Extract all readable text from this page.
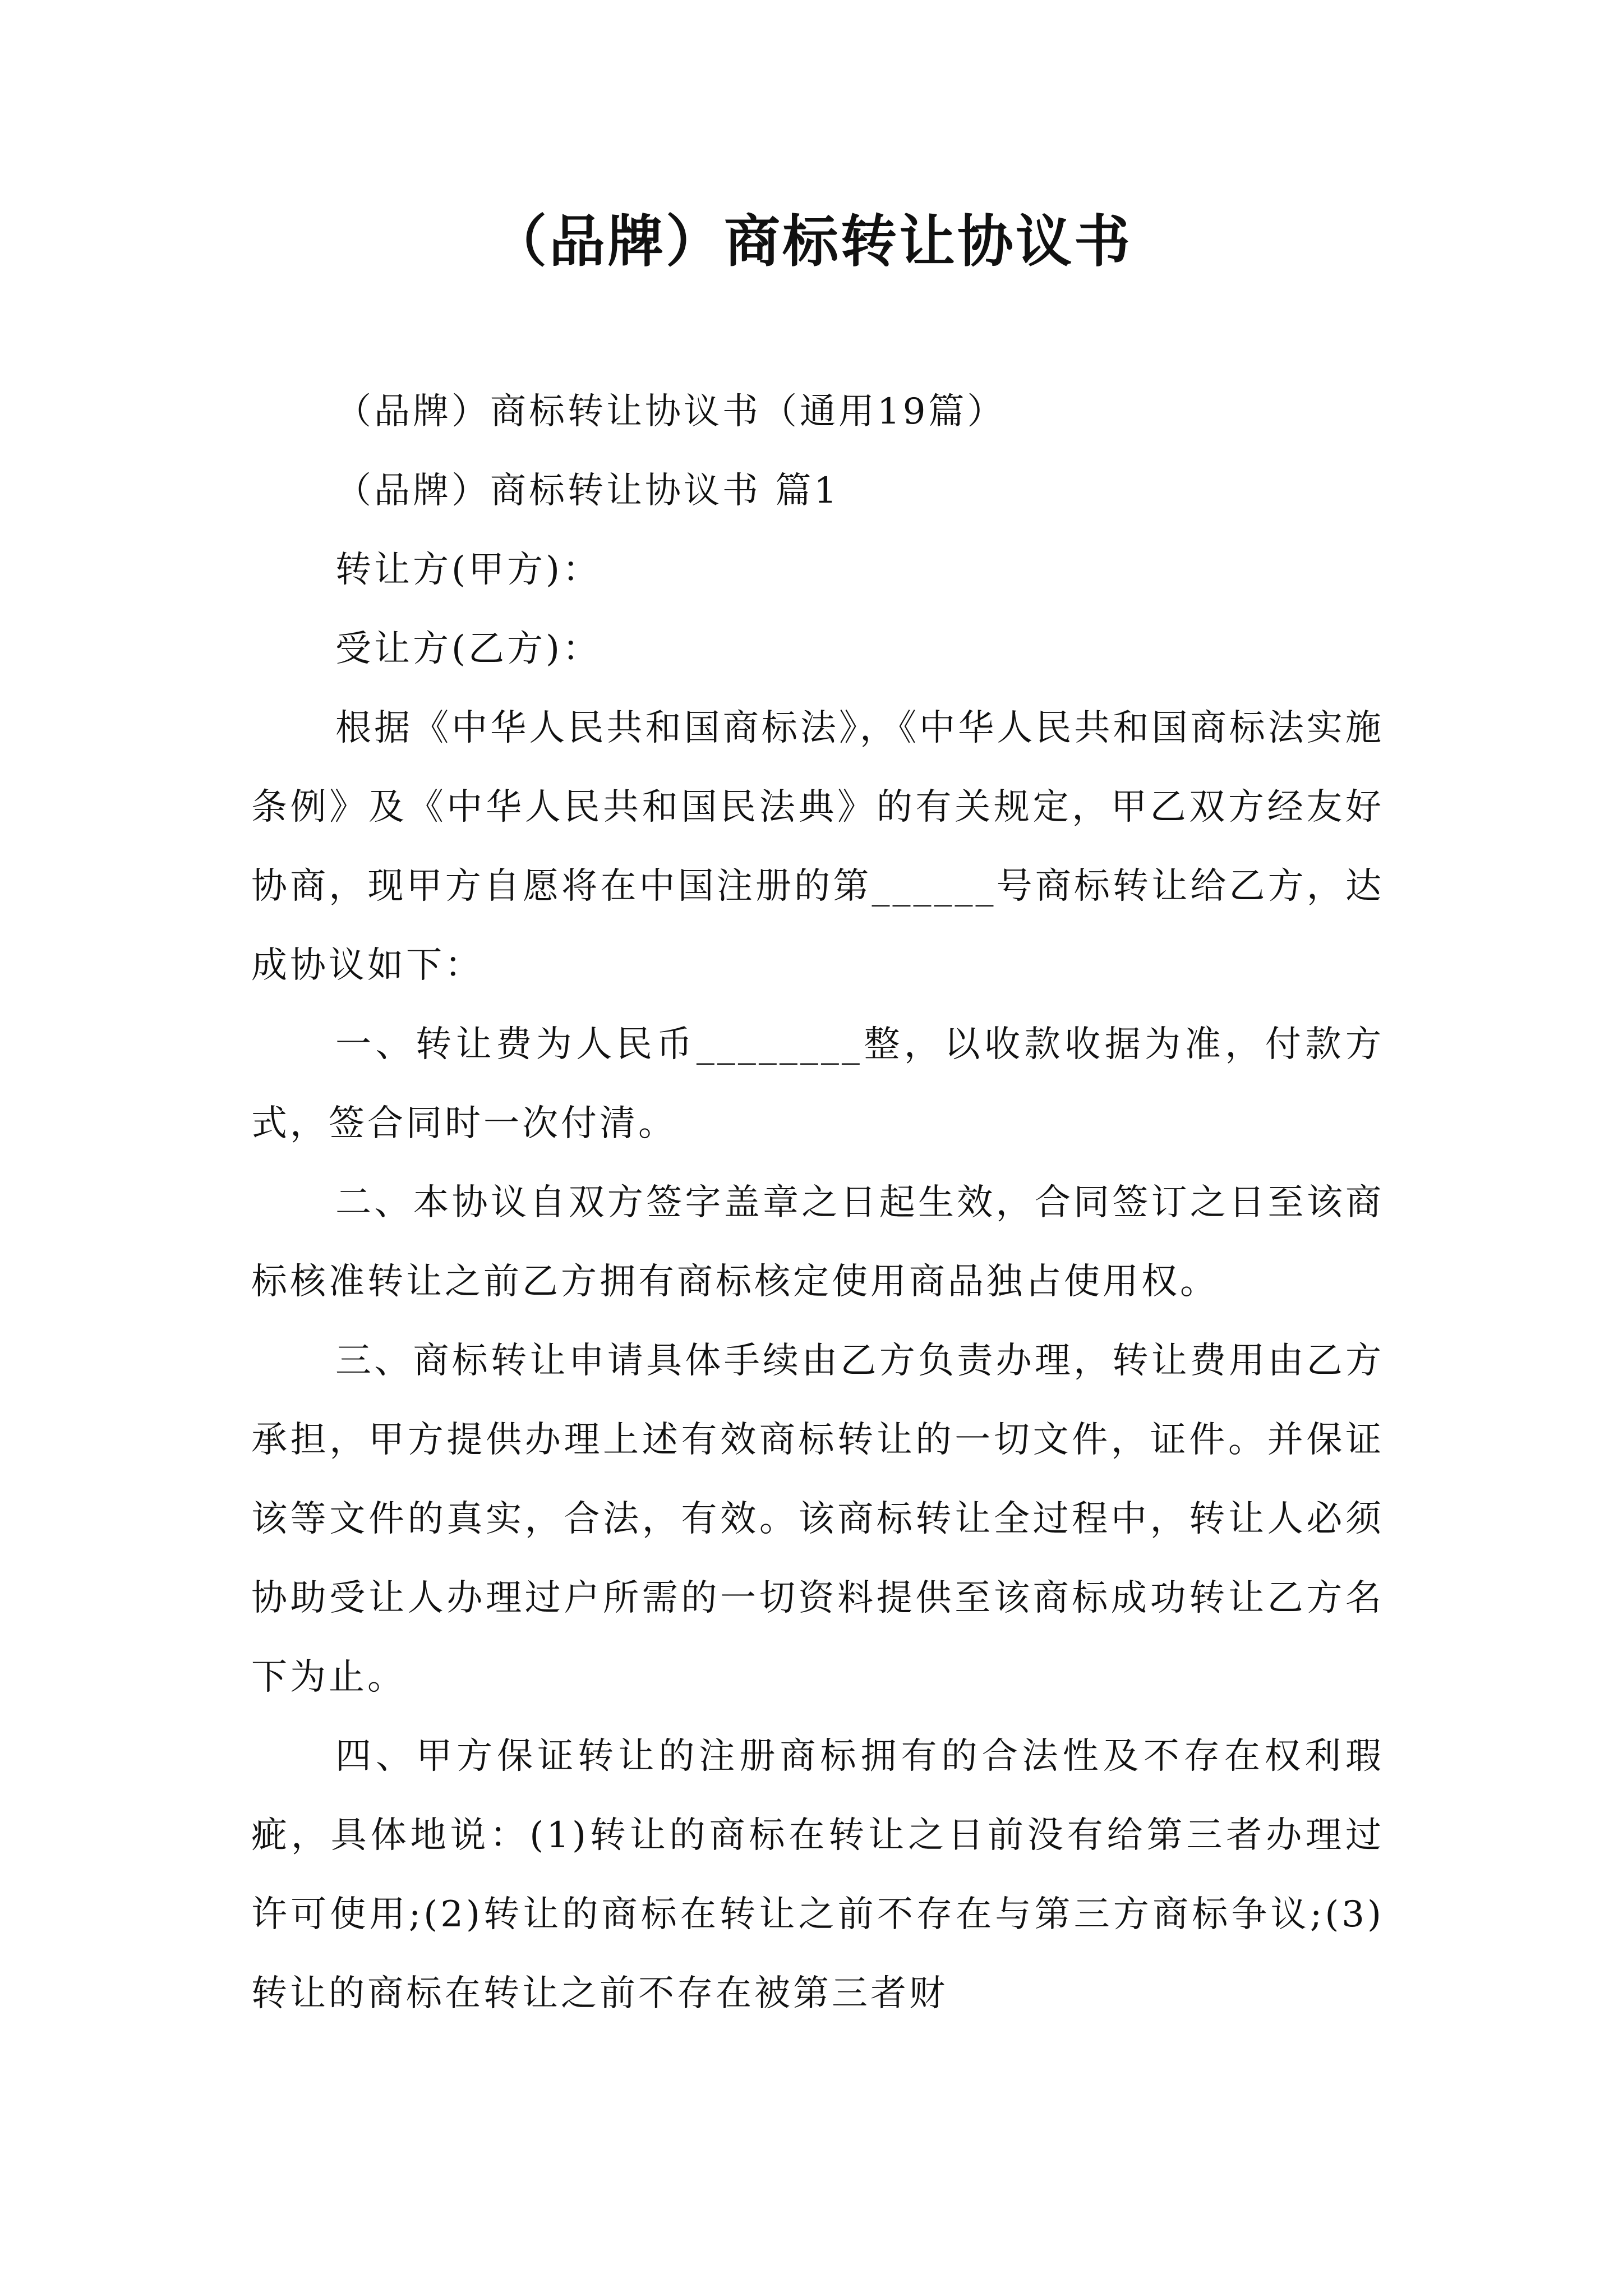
（品牌）商标转让协议书

（品牌）商标转让协议书（通用19篇）

（品牌）商标转让协议书 篇1

转让方(甲方)：

受让方(乙方)：

根据《中华人民共和国商标法》，《中华人民共和国商标法实施条例》及《中华人民共和国民法典》的有关规定，甲乙双方经友好协商，现甲方自愿将在中国注册的第______号商标转让给乙方，达成协议如下：

一、转让费为人民币________整，以收款收据为准，付款方式，签合同时一次付清。

二、本协议自双方签字盖章之日起生效，合同签订之日至该商标核准转让之前乙方拥有商标核定使用商品独占使用权。

三、商标转让申请具体手续由乙方负责办理，转让费用由乙方承担，甲方提供办理上述有效商标转让的一切文件，证件。并保证该等文件的真实，合法，有效。该商标转让全过程中，转让人必须协助受让人办理过户所需的一切资料提供至该商标成功转让乙方名下为止。

四、甲方保证转让的注册商标拥有的合法性及不存在权利瑕疵，具体地说：(1)转让的商标在转让之日前没有给第三者办理过许可使用;(2)转让的商标在转让之前不存在与第三方商标争议;(3)转让的商标在转让之前不存在被第三者财
